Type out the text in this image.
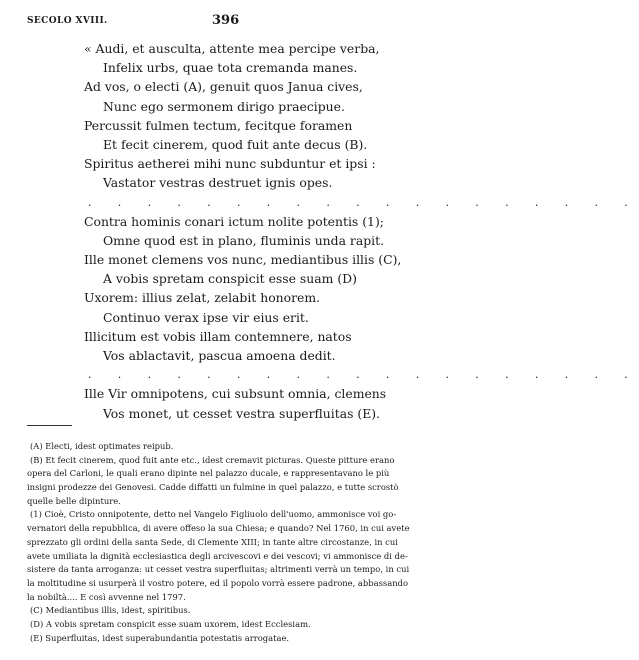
SECOLO XVIII.	396
« Audi, et ausculta, attente mea percipe verba,
Infelix urbs, quae tota cremanda manes.
Ad vos, o electi (A), genuit quos Janua cives,
Nunc ego sermonem dirigo praecipue.
Percussit fulmen tectum, fecitque foramen
Et fecit cinerem, quod fuit ante decus (B).
Spiritus aetherei mihi nunc subduntur et ipsi :
Vastator vestras destruet ignis opes.
. . . . . . . . . . . . . . . . . . .
Contra hominis conari ictum nolite potentis (1);
Omne quod est in plano, fluminis unda rapit.
Ille monet clemens vos nunc, mediantibus illis (C),
A vobis spretam conspicit esse suam (D)
Uxorem: illius zelat, zelabit honorem.
Continuo verax ipse vir eius erit.
Illicitum est vobis illam contemnere, natos
Vos ablactavit, pascua amoena dedit.
. . . . . . . . . . . . . . . . . . .
Ille Vir omnipotens, cui subsunt omnia, clemens
Vos monet, ut cesset vestra superfluitas (E).
(A) Electi, idest optimates reipub.
(B) Et fecit cinerem, quod fuit ante etc., idest cremavit picturas. Queste pitture erano
opera del Carloni, le quali erano dipinte nel palazzo ducale, e rappresentavano le più
insigni prodezze dei Genovesi. Cadde diffatti un fulmine in quel palazzo, e tutte scrostò
quelle belle dipinture.
(1) Cioè, Cristo onnipotente, detto nel Vangelo Figliuolo dell'uomo, ammonisce voi go-
vernatori della repubblica, di avere offeso la sua Chiesa; e quando? Nel 1760, in cui avete
sprezzato gli ordini della santa Sede, di Clemente XIII; in tante altre circostanze, in cui
avete umiliata la dignità ecclesiastica degli arcivescovi e dei vescovi; vi ammonisce di de-
sistere da tanta arroganza: ut cesset vestra superfluitas; altrimenti verrà un tempo, in cui
la moltitudine si usurperà il vostro potere, ed il popolo vorrà essere padrone, abbassando
la nobiltà.... E così avvenne nel 1797.
(C) Mediantibus illis, idest, spiritibus.
(D) A vobis spretam conspicit esse suam uxorem, idest Ecclesiam.
(E) Superfluitas, idest superabundantia potestatis arrogatae.
